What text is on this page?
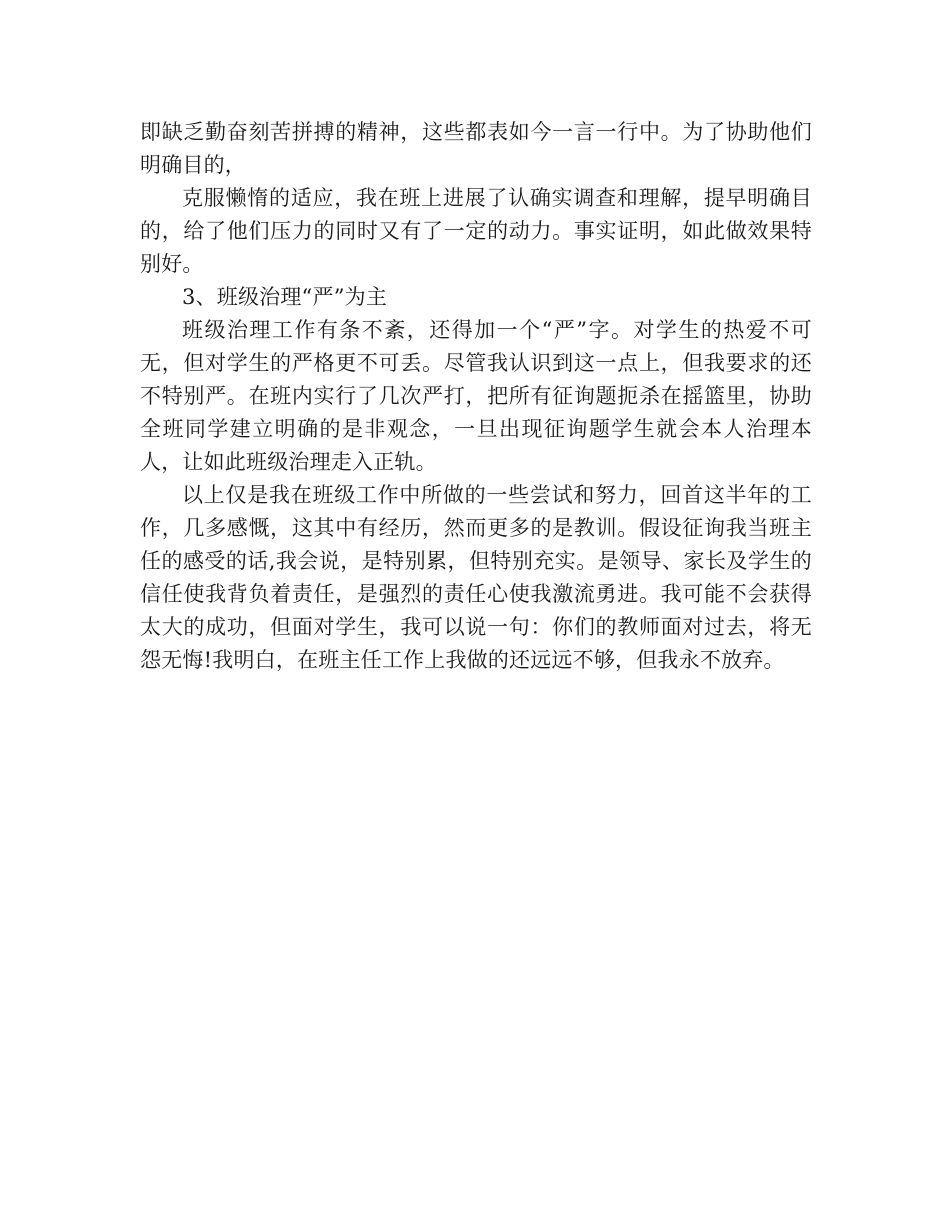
即缺乏勤奋刻苦拼搏的精神，这些都表如今一言一行中。为了协助他们明确目的，

克服懒惰的适应，我在班上进展了认确实调查和理解，提早明确目的，给了他们压力的同时又有了一定的动力。事实证明，如此做效果特别好。

3、班级治理“严”为主

班级治理工作有条不紊，还得加一个“严”字。对学生的热爱不可无，但对学生的严格更不可丢。尽管我认识到这一点上，但我要求的还不特别严。在班内实行了几次严打，把所有征询题扼杀在摇篮里，协助全班同学建立明确的是非观念，一旦出现征询题学生就会本人治理本人，让如此班级治理走入正轨。

以上仅是我在班级工作中所做的一些尝试和努力，回首这半年的工作，几多感慨，这其中有经历，然而更多的是教训。假设征询我当班主任的感受的话,我会说，是特别累，但特别充实。是领导、家长及学生的信任使我背负着责任，是强烈的责任心使我激流勇进。我可能不会获得太大的成功，但面对学生，我可以说一句：你们的教师面对过去，将无怨无悔!我明白，在班主任工作上我做的还远远不够，但我永不放弃。
